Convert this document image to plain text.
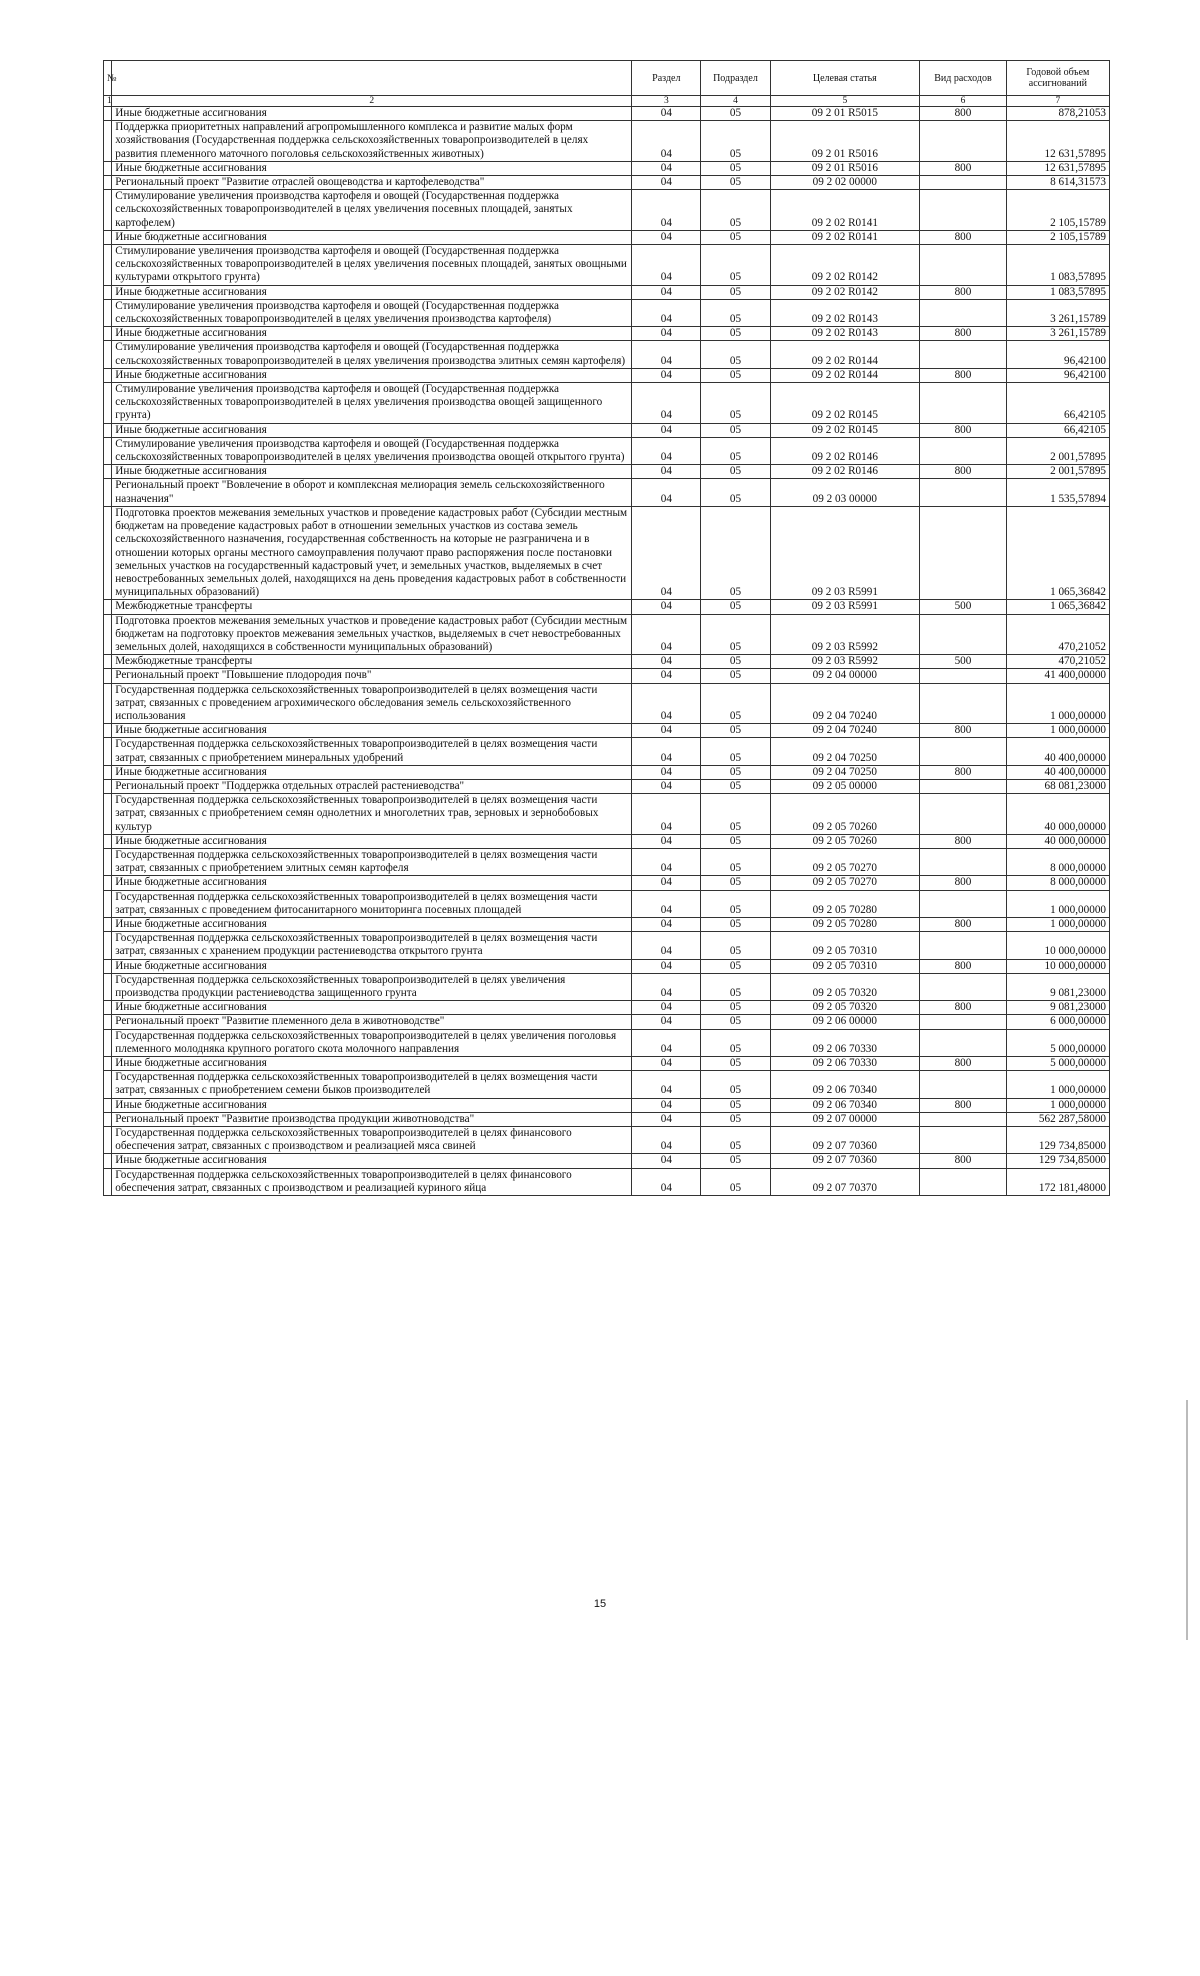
№		Раздел	Подраздел	Целевая статья	Вид расходов	Годовой объем ассигнований
1	2	3	4	5	6	7
	Иные бюджетные ассигнования	04	05	09 2 01 R5015	800	878,21053
	Поддержка приоритетных направлений агропромышленного комплекса и развитие малых форм хозяйствования (Государственная поддержка сельскохозяйственных товаропроизводителей в целях развития племенного маточного поголовья сельскохозяйственных животных)	04	05	09 2 01 R5016		12 631,57895
	Иные бюджетные ассигнования	04	05	09 2 01 R5016	800	12 631,57895
	Региональный проект "Развитие отраслей овощеводства и картофелеводства"	04	05	09 2 02 00000		8 614,31573
	Стимулирование увеличения производства картофеля и овощей (Государственная поддержка сельскохозяйственных товаропроизводителей в целях увеличения посевных площадей, занятых картофелем)	04	05	09 2 02 R0141		2 105,15789
	Иные бюджетные ассигнования	04	05	09 2 02 R0141	800	2 105,15789
	Стимулирование увеличения производства картофеля и овощей (Государственная поддержка сельскохозяйственных товаропроизводителей в целях увеличения посевных площадей, занятых овощными культурами открытого грунта)	04	05	09 2 02 R0142		1 083,57895
	Иные бюджетные ассигнования	04	05	09 2 02 R0142	800	1 083,57895
	Стимулирование увеличения производства картофеля и овощей (Государственная поддержка сельскохозяйственных товаропроизводителей в целях увеличения производства картофеля)	04	05	09 2 02 R0143		3 261,15789
	Иные бюджетные ассигнования	04	05	09 2 02 R0143	800	3 261,15789
	Стимулирование увеличения производства картофеля и овощей (Государственная поддержка сельскохозяйственных товаропроизводителей в целях увеличения производства элитных семян картофеля)	04	05	09 2 02 R0144		96,42100
	Иные бюджетные ассигнования	04	05	09 2 02 R0144	800	96,42100
	Стимулирование увеличения производства картофеля и овощей (Государственная поддержка сельскохозяйственных товаропроизводителей в целях увеличения производства овощей защищенного грунта)	04	05	09 2 02 R0145		66,42105
	Иные бюджетные ассигнования	04	05	09 2 02 R0145	800	66,42105
	Стимулирование увеличения производства картофеля и овощей (Государственная поддержка сельскохозяйственных товаропроизводителей в целях увеличения производства овощей открытого грунта)	04	05	09 2 02 R0146		2 001,57895
	Иные бюджетные ассигнования	04	05	09 2 02 R0146	800	2 001,57895
	Региональный проект "Вовлечение в оборот и комплексная мелиорация земель сельскохозяйственного назначения"	04	05	09 2 03 00000		1 535,57894
	Подготовка проектов межевания земельных участков и проведение кадастровых работ (Субсидии местным бюджетам на проведение кадастровых работ в отношении земельных участков из состава земель сельскохозяйственного назначения, государственная собственность на которые не разграничена и в отношении которых органы местного самоуправления получают право распоряжения после постановки земельных участков на государственный кадастровый учет, и земельных участков, выделяемых в счет невостребованных земельных долей, находящихся на день проведения кадастровых работ в собственности муниципальных образований)	04	05	09 2 03 R5991		1 065,36842
	Межбюджетные трансферты	04	05	09 2 03 R5991	500	1 065,36842
	Подготовка проектов межевания земельных участков и проведение кадастровых работ (Субсидии местным бюджетам на подготовку проектов межевания земельных участков, выделяемых в счет невостребованных земельных долей, находящихся в собственности муниципальных образований)	04	05	09 2 03 R5992		470,21052
	Межбюджетные трансферты	04	05	09 2 03 R5992	500	470,21052
	Региональный проект "Повышение плодородия почв"	04	05	09 2 04 00000		41 400,00000
	Государственная поддержка сельскохозяйственных товаропроизводителей в целях возмещения части затрат, связанных с проведением агрохимического обследования земель сельскохозяйственного использования	04	05	09 2 04 70240		1 000,00000
	Иные бюджетные ассигнования	04	05	09 2 04 70240	800	1 000,00000
	Государственная поддержка сельскохозяйственных товаропроизводителей в целях возмещения части затрат, связанных с приобретением минеральных удобрений	04	05	09 2 04 70250		40 400,00000
	Иные бюджетные ассигнования	04	05	09 2 04 70250	800	40 400,00000
	Региональный проект "Поддержка отдельных отраслей растениеводства"	04	05	09 2 05 00000		68 081,23000
	Государственная поддержка сельскохозяйственных товаропроизводителей в целях возмещения части затрат, связанных с приобретением семян однолетних и многолетних трав, зерновых и зернобобовых культур	04	05	09 2 05 70260		40 000,00000
	Иные бюджетные ассигнования	04	05	09 2 05 70260	800	40 000,00000
	Государственная поддержка сельскохозяйственных товаропроизводителей в целях возмещения части затрат, связанных с приобретением элитных семян картофеля	04	05	09 2 05 70270		8 000,00000
	Иные бюджетные ассигнования	04	05	09 2 05 70270	800	8 000,00000
	Государственная поддержка сельскохозяйственных товаропроизводителей в целях возмещения части затрат, связанных с проведением фитосанитарного мониторинга посевных площадей	04	05	09 2 05 70280		1 000,00000
	Иные бюджетные ассигнования	04	05	09 2 05 70280	800	1 000,00000
	Государственная поддержка сельскохозяйственных товаропроизводителей в целях возмещения части затрат, связанных с хранением продукции растениеводства открытого грунта	04	05	09 2 05 70310		10 000,00000
	Иные бюджетные ассигнования	04	05	09 2 05 70310	800	10 000,00000
	Государственная поддержка сельскохозяйственных товаропроизводителей в целях увеличения производства продукции растениеводства защищенного грунта	04	05	09 2 05 70320		9 081,23000
	Иные бюджетные ассигнования	04	05	09 2 05 70320	800	9 081,23000
	Региональный проект "Развитие племенного дела в животноводстве"	04	05	09 2 06 00000		6 000,00000
	Государственная поддержка сельскохозяйственных товаропроизводителей в целях увеличения поголовья племенного молодняка крупного рогатого скота молочного направления	04	05	09 2 06 70330		5 000,00000
	Иные бюджетные ассигнования	04	05	09 2 06 70330	800	5 000,00000
	Государственная поддержка сельскохозяйственных товаропроизводителей в целях возмещения части затрат, связанных с приобретением семени быков производителей	04	05	09 2 06 70340		1 000,00000
	Иные бюджетные ассигнования	04	05	09 2 06 70340	800	1 000,00000
	Региональный проект "Развитие производства продукции животноводства"	04	05	09 2 07 00000		562 287,58000
	Государственная поддержка сельскохозяйственных товаропроизводителей в целях финансового обеспечения затрат, связанных с производством и реализацией мяса свиней	04	05	09 2 07 70360		129 734,85000
	Иные бюджетные ассигнования	04	05	09 2 07 70360	800	129 734,85000
	Государственная поддержка сельскохозяйственных товаропроизводителей в целях финансового обеспечения затрат, связанных с производством и реализацией куриного яйца	04	05	09 2 07 70370		172 181,48000
15
